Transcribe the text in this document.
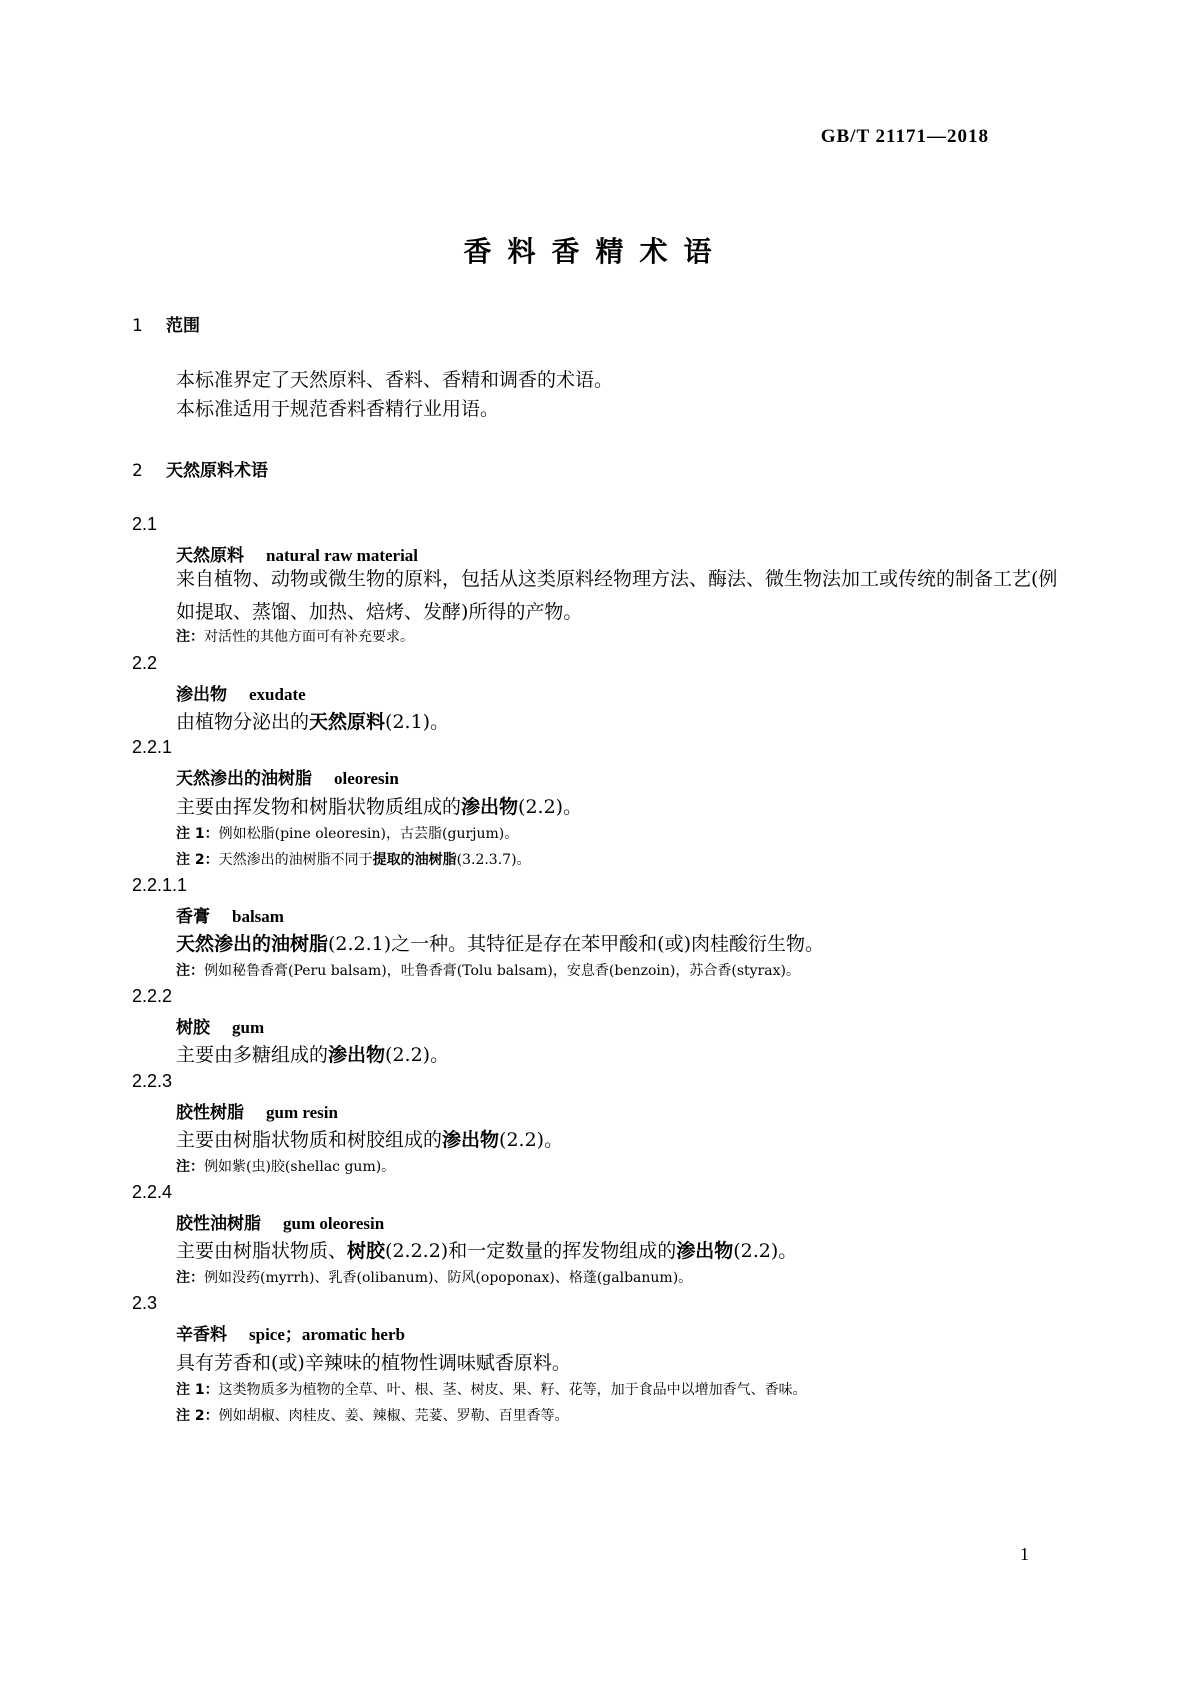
GB/T 21171—2018
香料香精术语
1 范围
本标准界定了天然原料、香料、香精和调香的术语。
本标准适用于规范香料香精行业用语。
2 天然原料术语
2.1
天然原料 natural raw material
来自植物、动物或微生物的原料，包括从这类原料经物理方法、酶法、微生物法加工或传统的制备工艺(例如提取、蒸馏、加热、焙烤、发酵)所得的产物。
注：对活性的其他方面可有补充要求。
2.2
渗出物 exudate
由植物分泌出的天然原料(2.1)。
2.2.1
天然渗出的油树脂 oleoresin
主要由挥发物和树脂状物质组成的渗出物(2.2)。
注 1：例如松脂(pine oleoresin)，古芸脂(gurjum)。
注 2：天然渗出的油树脂不同于提取的油树脂(3.2.3.7)。
2.2.1.1
香膏 balsam
天然渗出的油树脂(2.2.1)之一种。其特征是存在苯甲酸和(或)肉桂酸衍生物。
注：例如秘鲁香膏(Peru balsam)，吐鲁香膏(Tolu balsam)，安息香(benzoin)，苏合香(styrax)。
2.2.2
树胶 gum
主要由多糖组成的渗出物(2.2)。
2.2.3
胶性树脂 gum resin
主要由树脂状物质和树胶组成的渗出物(2.2)。
注：例如紫(虫)胶(shellac gum)。
2.2.4
胶性油树脂 gum oleoresin
主要由树脂状物质、树胶(2.2.2)和一定数量的挥发物组成的渗出物(2.2)。
注：例如没药(myrrh)、乳香(olibanum)、防风(opoponax)、格蓬(galbanum)。
2.3
辛香料 spice；aromatic herb
具有芳香和(或)辛辣味的植物性调味赋香原料。
注 1：这类物质多为植物的全草、叶、根、茎、树皮、果、籽、花等，加于食品中以增加香气、香味。
注 2：例如胡椒、肉桂皮、姜、辣椒、芫荽、罗勒、百里香等。
1
